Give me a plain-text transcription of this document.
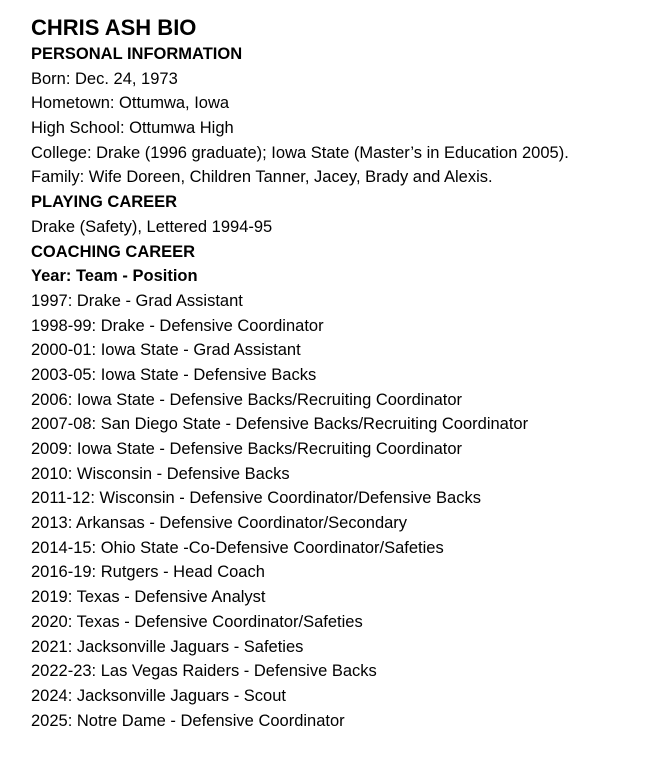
CHRIS ASH BIO
PERSONAL INFORMATION
Born: Dec. 24, 1973
Hometown: Ottumwa, Iowa
High School: Ottumwa High
College: Drake (1996 graduate); Iowa State (Master’s in Education 2005).
Family: Wife Doreen, Children Tanner, Jacey, Brady and Alexis.
PLAYING CAREER
Drake (Safety), Lettered 1994-95
COACHING CAREER
Year: Team - Position
1997: Drake - Grad Assistant
1998-99: Drake - Defensive Coordinator
2000-01: Iowa State - Grad Assistant
2003-05: Iowa State - Defensive Backs
2006: Iowa State - Defensive Backs/Recruiting Coordinator
2007-08: San Diego State - Defensive Backs/Recruiting Coordinator
2009: Iowa State - Defensive Backs/Recruiting Coordinator
2010: Wisconsin - Defensive Backs
2011-12: Wisconsin - Defensive Coordinator/Defensive Backs
2013: Arkansas - Defensive Coordinator/Secondary
2014-15: Ohio State -Co-Defensive Coordinator/Safeties
2016-19: Rutgers - Head Coach
2019: Texas - Defensive Analyst
2020: Texas - Defensive Coordinator/Safeties
2021: Jacksonville Jaguars - Safeties
2022-23: Las Vegas Raiders - Defensive Backs
2024: Jacksonville Jaguars - Scout
2025: Notre Dame - Defensive Coordinator
